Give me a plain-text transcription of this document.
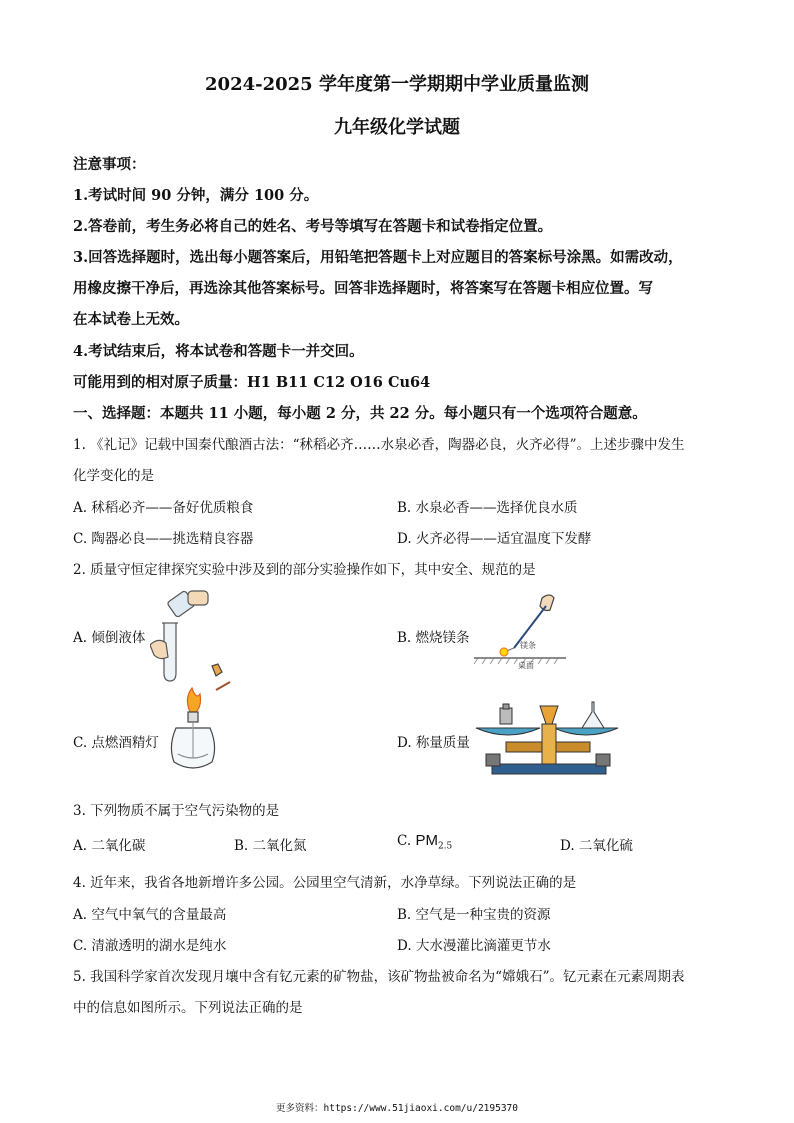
2024-2025 学年度第一学期期中学业质量监测
九年级化学试题
注意事项：
1.考试时间 90 分钟，满分 100 分。
2.答卷前，考生务必将自己的姓名、考号等填写在答题卡和试卷指定位置。
3.回答选择题时，选出每小题答案后，用铅笔把答题卡上对应题目的答案标号涂黑。如需改动，
用橡皮擦干净后，再选涂其他答案标号。回答非选择题时，将答案写在答题卡相应位置。写
在本试卷上无效。
4.考试结束后，将本试卷和答题卡一并交回。
可能用到的相对原子质量：H1 B11 C12 O16 Cu64
一、选择题：本题共 11 小题，每小题 2 分，共 22 分。每小题只有一个选项符合题意。
1. 《礼记》记载中国秦代酿酒古法：“秫稻必齐……水泉必香，陶器必良，火齐必得”。上述步骤中发生
化学变化的是
A. 秫稻必齐——备好优质粮食	B. 水泉必香——选择优良水质
C. 陶器必良——挑选精良容器	D. 火齐必得——适宜温度下发酵
2. 质量守恒定律探究实验中涉及到的部分实验操作如下，其中安全、规范的是
A. 倾倒液体	B. 燃烧镁条
C. 点燃酒精灯	D. 称量质量
镁条
桌面
3. 下列物质不属于空气污染物的是
A. 二氧化碳	B. 二氧化氮	C. $PM_{2.5}$	D. 二氧化硫
4. 近年来，我省各地新增许多公园。公园里空气清新，水净草绿。下列说法正确的是
A. 空气中氧气的含量最高	B. 空气是一种宝贵的资源
C. 清澈透明的湖水是纯水	D. 大水漫灌比滴灌更节水
5. 我国科学家首次发现月壤中含有钇元素的矿物盐，该矿物盐被命名为“嫦娥石”。钇元素在元素周期表
中的信息如图所示。下列说法正确的是
更多资料：https://www.51jiaoxi.com/u/2195370
